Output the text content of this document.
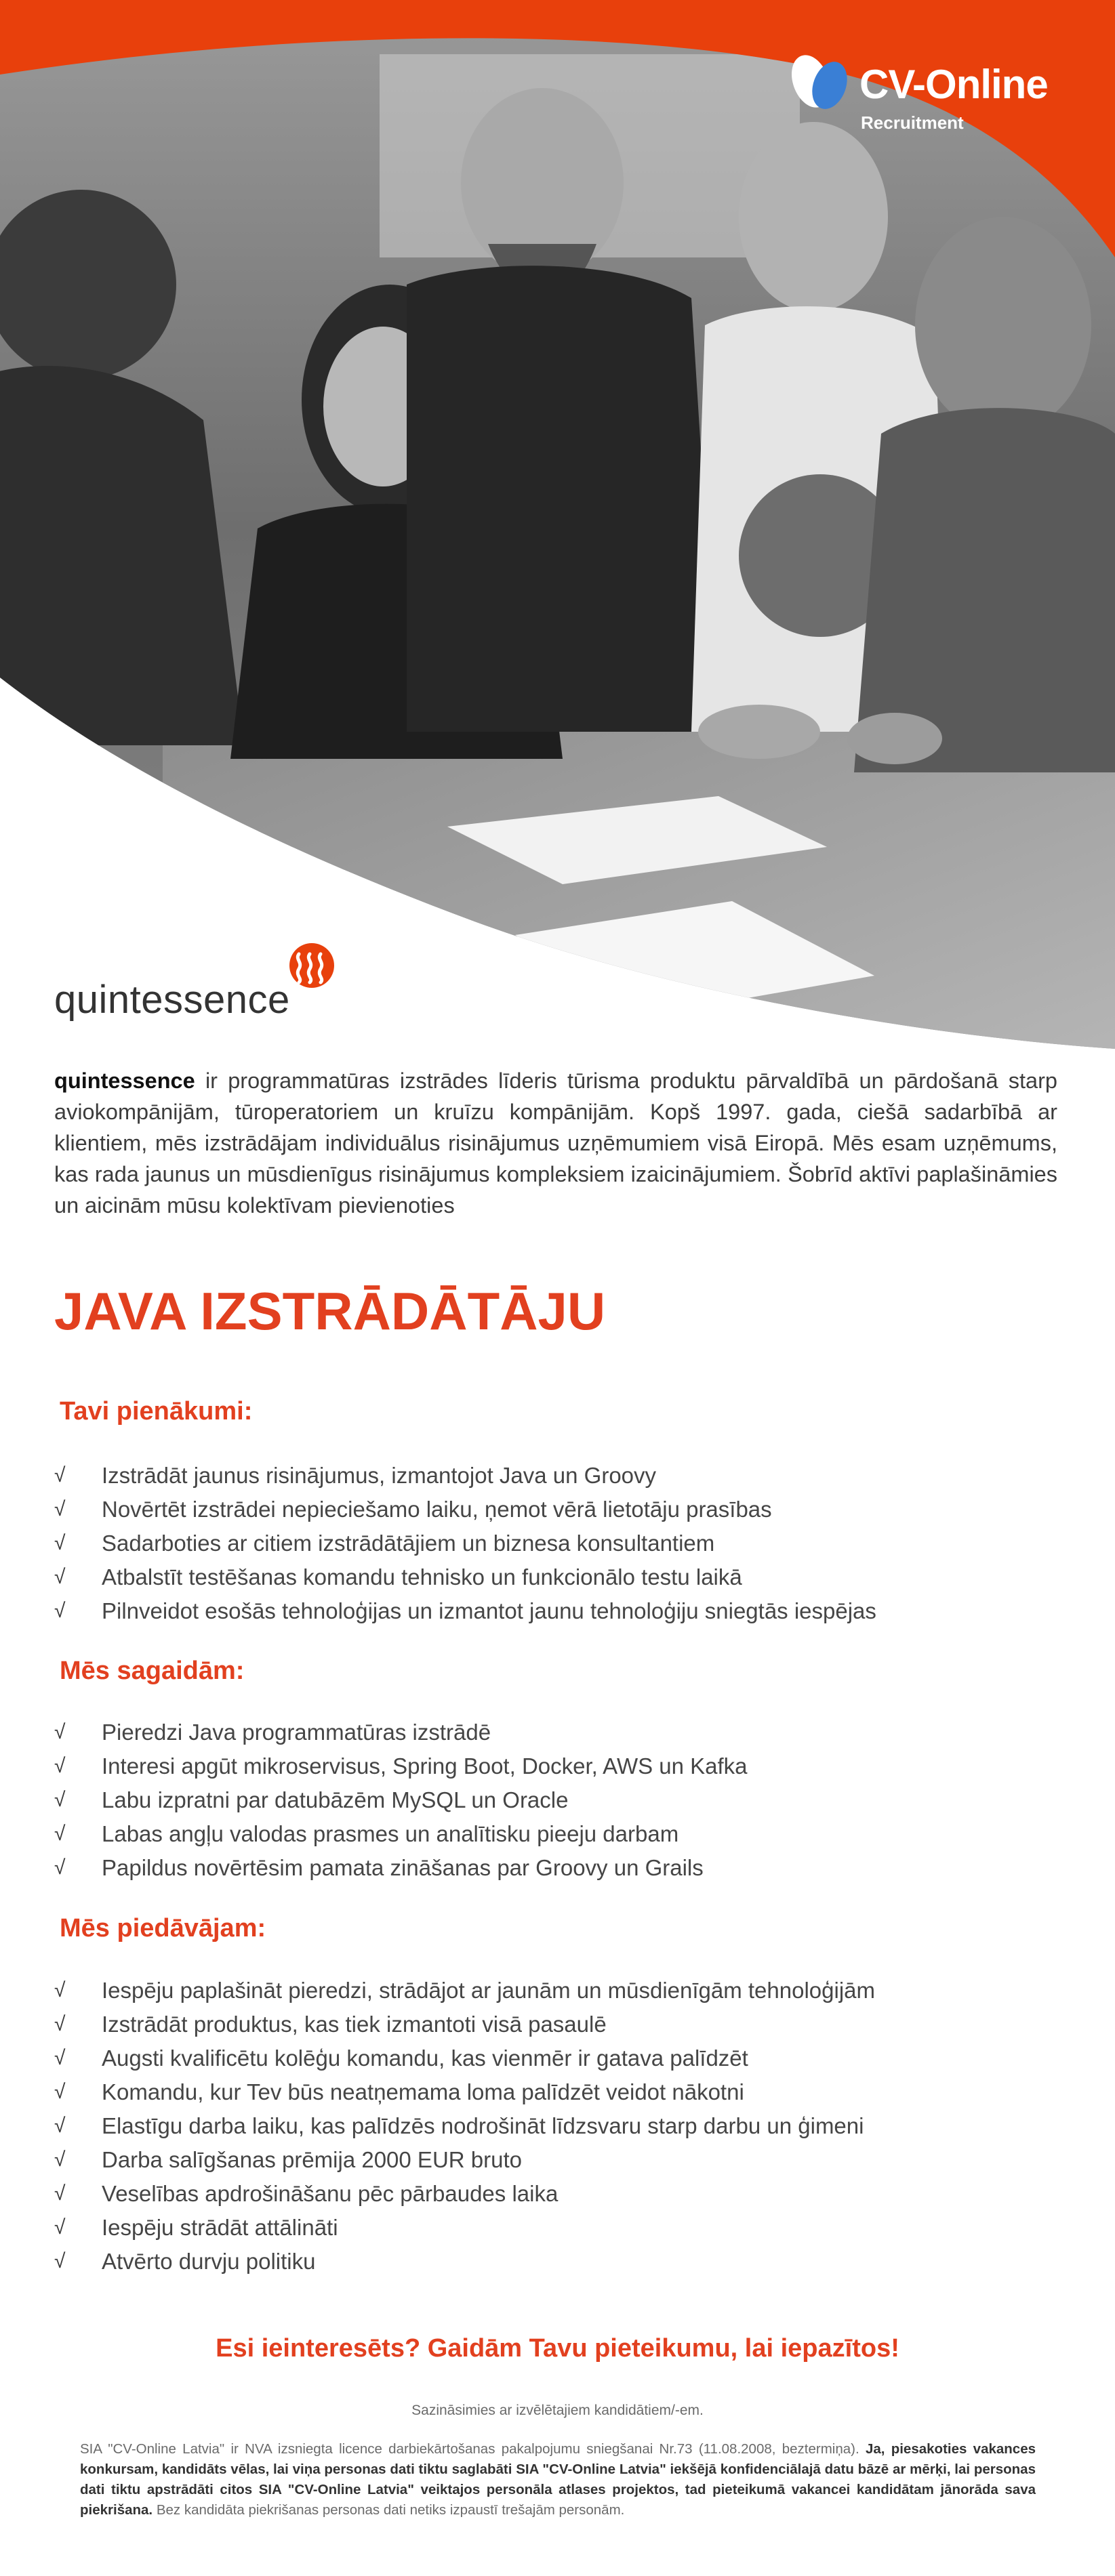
CV-Online
Recruitment
quintessence

quintessence ir programmatūras izstrādes līderis tūrisma produktu pārvaldībā un pārdošanā starp aviokompānijām, tūroperatoriem un kruīzu kompānijām. Kopš 1997. gada, ciešā sadarbībā ar klientiem, mēs izstrādājam individuālus risinājumus uzņēmumiem visā Eiropā. Mēs esam uzņēmums, kas rada jaunus un mūsdienīgus risinājumus kompleksiem izaicinājumiem. Šobrīd aktīvi paplašināmies un aicinām mūsu kolektīvam pievienoties

JAVA IZSTRĀDĀTĀJU
Tavi pienākumi:
√	Izstrādāt jaunus risinājumus, izmantojot Java un Groovy
√	Novērtēt izstrādei nepieciešamo laiku, ņemot vērā lietotāju prasības
√	Sadarboties ar citiem izstrādātājiem un biznesa konsultantiem
√	Atbalstīt testēšanas komandu tehnisko un funkcionālo testu laikā
√	Pilnveidot esošās tehnoloģijas un izmantot jaunu tehnoloģiju sniegtās iespējas
Mēs sagaidām:
√	Pieredzi Java programmatūras izstrādē
√	Interesi apgūt mikroservisus, Spring Boot, Docker, AWS un Kafka
√	Labu izpratni par datubāzēm MySQL un Oracle
√	Labas angļu valodas prasmes un analītisku pieeju darbam
√	Papildus novērtēsim pamata zināšanas par Groovy un Grails
Mēs piedāvājam:
√	Iespēju paplašināt pieredzi, strādājot ar jaunām un mūsdienīgām tehnoloģijām
√	Izstrādāt produktus, kas tiek izmantoti visā pasaulē
√	Augsti kvalificētu kolēģu komandu, kas vienmēr ir gatava palīdzēt
√	Komandu, kur Tev būs neatņemama loma palīdzēt veidot nākotni
√	Elastīgu darba laiku, kas palīdzēs nodrošināt līdzsvaru starp darbu un ģimeni
√	Darba salīgšanas prēmija 2000 EUR bruto
√	Veselības apdrošināšanu pēc pārbaudes laika
√	Iespēju strādāt attālināti
√	Atvērto durvju politiku
Esi ieinteresēts? Gaidām Tavu pieteikumu, lai iepazītos!
Sazināsimies ar izvēlētajiem kandidātiem/-em.

SIA "CV-Online Latvia" ir NVA izsniegta licence darbiekārtošanas pakalpojumu sniegšanai Nr.73 (11.08.2008, beztermiņa). Ja, piesakoties vakances konkursam, kandidāts vēlas, lai viņa personas dati tiktu saglabāti SIA "CV-Online Latvia" iekšējā konfidenciālajā datu bāzē ar mērķi, lai personas dati tiktu apstrādāti citos SIA "CV-Online Latvia" veiktajos personāla atlases projektos, tad pieteikumā vakancei kandidātam jānorāda sava piekrišana. Bez kandidāta piekrišanas personas dati netiks izpaustī trešajām personām.
